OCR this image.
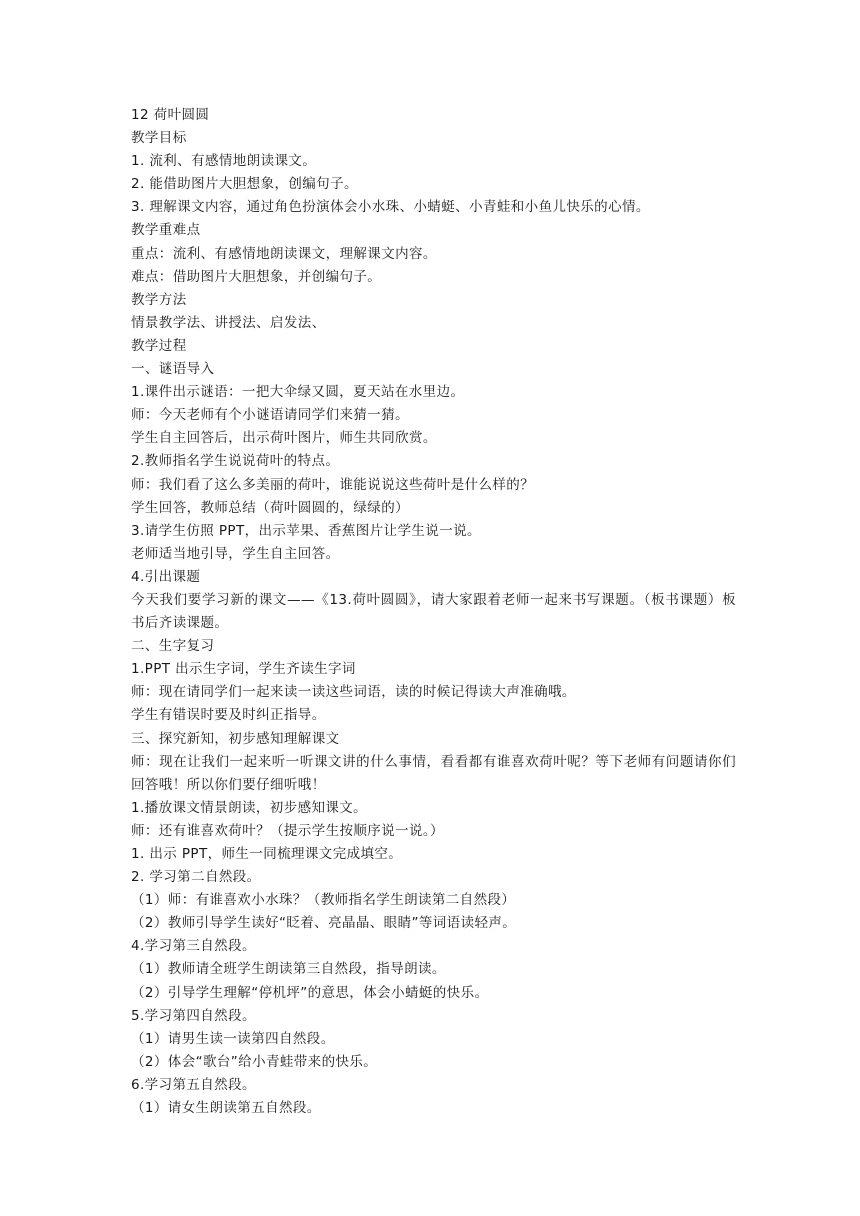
12 荷叶圆圆
教学目标
1. 流利、有感情地朗读课文。
2. 能借助图片大胆想象，创编句子。
3. 理解课文内容，通过角色扮演体会小水珠、小蜻蜓、小青蛙和小鱼儿快乐的心情。
教学重难点
重点：流利、有感情地朗读课文，理解课文内容。
难点：借助图片大胆想象，并创编句子。
教学方法
情景教学法、讲授法、启发法、
教学过程
一、谜语导入
1.课件出示谜语：一把大伞绿又圆，夏天站在水里边。
师：今天老师有个小谜语请同学们来猜一猜。
学生自主回答后，出示荷叶图片，师生共同欣赏。
2.教师指名学生说说荷叶的特点。
师：我们看了这么多美丽的荷叶，谁能说说这些荷叶是什么样的？
学生回答，教师总结（荷叶圆圆的，绿绿的）
3.请学生仿照 PPT，出示苹果、香蕉图片让学生说一说。
老师适当地引导，学生自主回答。
4.引出课题
今天我们要学习新的课文——《13.荷叶圆圆》，请大家跟着老师一起来书写课题。（板书课题）板书后齐读课题。
二、生字复习
1.PPT 出示生字词，学生齐读生字词
师：现在请同学们一起来读一读这些词语，读的时候记得读大声准确哦。
学生有错误时要及时纠正指导。
三、探究新知，初步感知理解课文
师：现在让我们一起来听一听课文讲的什么事情，看看都有谁喜欢荷叶呢？等下老师有问题请你们回答哦！所以你们要仔细听哦！
1.播放课文情景朗读，初步感知课文。
师：还有谁喜欢荷叶？（提示学生按顺序说一说。）
1. 出示 PPT，师生一同梳理课文完成填空。
2. 学习第二自然段。
（1）师：有谁喜欢小水珠？（教师指名学生朗读第二自然段）
（2）教师引导学生读好“眨着、亮晶晶、眼睛”等词语读轻声。
4.学习第三自然段。
（1）教师请全班学生朗读第三自然段，指导朗读。
（2）引导学生理解“停机坪”的意思，体会小蜻蜓的快乐。
5.学习第四自然段。
（1）请男生读一读第四自然段。
（2）体会“歌台”给小青蛙带来的快乐。
6.学习第五自然段。
（1）请女生朗读第五自然段。
